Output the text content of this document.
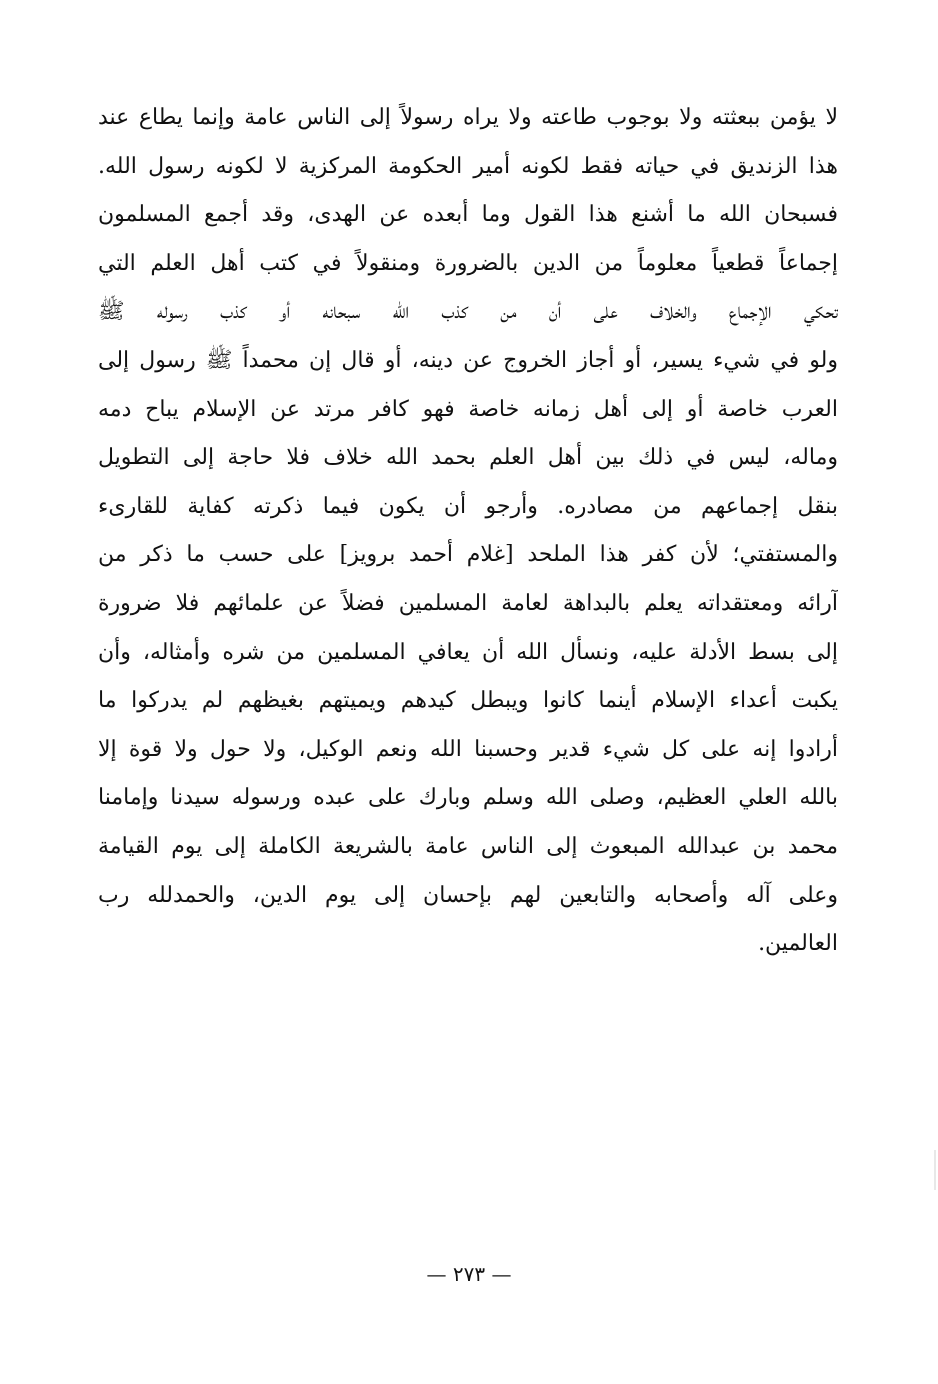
لا يؤمن ببعثته ولا بوجوب طاعته ولا يراه رسولاً إلى الناس عامة وإنما يطاع عند
هذا الزنديق في حياته فقط لكونه أمير الحكومة المركزية لا لكونه رسول الله.
فسبحان الله ما أشنع هذا القول وما أبعده عن الهدى، وقد أجمع المسلمون
إجماعاً قطعياً معلوماً من الدين بالضرورة ومنقولاً في كتب أهل العلم التي
تحكي الإجماع والخلاف على أن من كذب الله سبحانه أو كذب رسوله ﷺ
ولو في شيء يسير، أو أجاز الخروج عن دينه، أو قال إن محمداً ﷺ رسول إلى
العرب خاصة أو إلى أهل زمانه خاصة فهو كافر مرتد عن الإسلام يباح دمه
وماله، ليس في ذلك بين أهل العلم بحمد الله خلاف فلا حاجة إلى التطويل
بنقل إجماعهم من مصادره. وأرجو أن يكون فيما ذكرته كفاية للقارىء
والمستفتي؛ لأن كفر هذا الملحد [غلام أحمد برويز] على حسب ما ذكر من
آرائه ومعتقداته يعلم بالبداهة لعامة المسلمين فضلاً عن علمائهم فلا ضرورة
إلى بسط الأدلة عليه، ونسأل الله أن يعافي المسلمين من شره وأمثاله، وأن
يكبت أعداء الإسلام أينما كانوا ويبطل كيدهم ويميتهم بغيظهم لم يدركوا ما
أرادوا إنه على كل شيء قدير وحسبنا الله ونعم الوكيل، ولا حول ولا قوة إلا
بالله العلي العظيم، وصلى الله وسلم وبارك على عبده ورسوله سيدنا وإمامنا
محمد بن عبدالله المبعوث إلى الناس عامة بالشريعة الكاملة إلى يوم القيامة
وعلى آله وأصحابه والتابعين لهم بإحسان إلى يوم الدين، والحمدلله رب
العالمين.
— ٢٧٣ —
